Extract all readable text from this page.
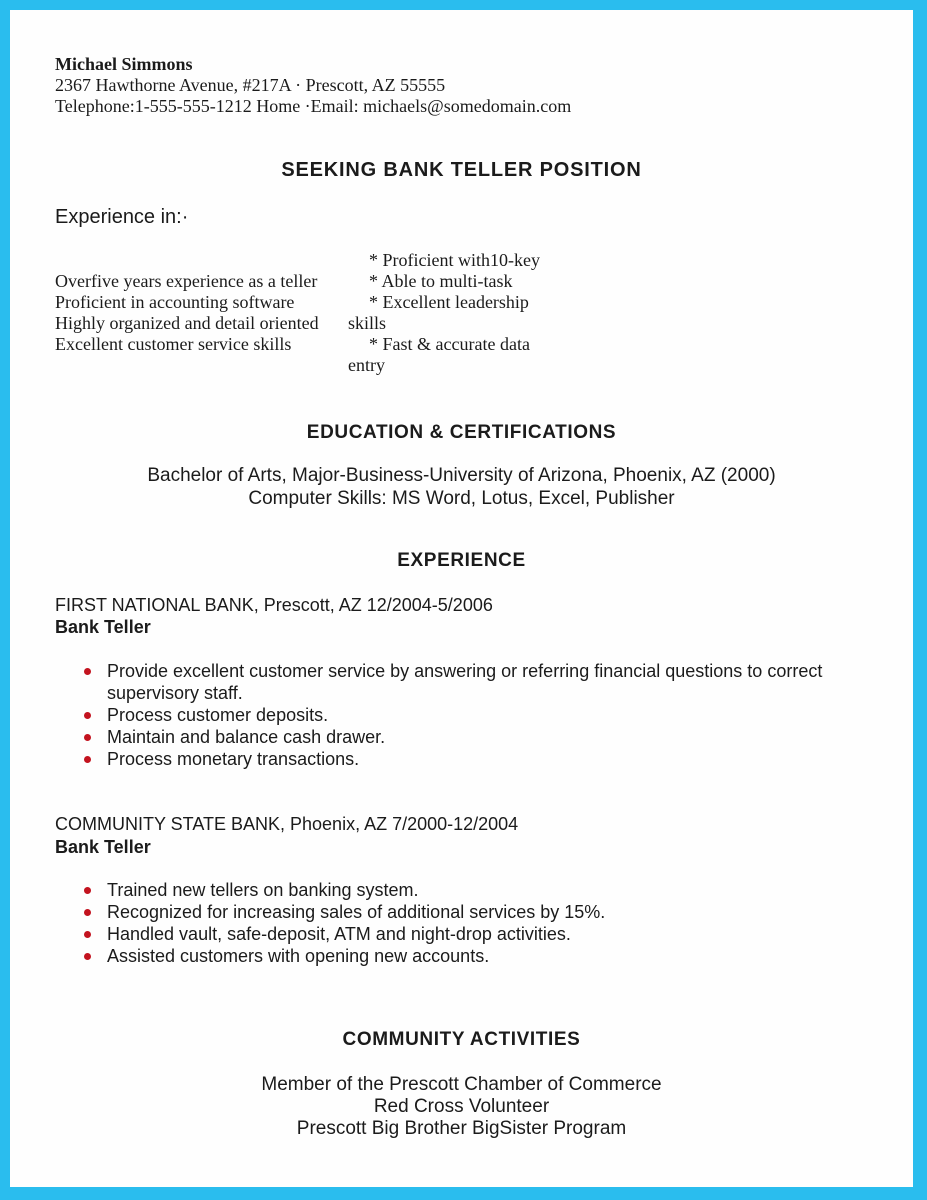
Michael Simmons
2367 Hawthorne Avenue, #217A · Prescott, AZ 55555
Telephone:1-555-555-1212 Home ·Email: michaels@somedomain.com
SEEKING BANK TELLER POSITION
Experience in:·
Overfive years experience as a teller
Proficient in accounting software
Highly organized and detail oriented
Excellent customer service skills

* Proficient with10-key

* Able to multi-task

* Excellent leadership skills

* Fast & accurate data entry

EDUCATION & CERTIFICATIONS
Bachelor of Arts, Major-Business-University of Arizona, Phoenix, AZ (2000)
Computer Skills: MS Word, Lotus, Excel, Publisher
EXPERIENCE
FIRST NATIONAL BANK, Prescott, AZ 12/2004-5/2006
Bank Teller
Provide excellent customer service by answering or referring financial questions to correct supervisory staff.
Process customer deposits.
Maintain and balance cash drawer.
Process monetary transactions.
COMMUNITY STATE BANK, Phoenix, AZ 7/2000-12/2004
Bank Teller
Trained new tellers on banking system.
Recognized for increasing sales of additional services by 15%.
Handled vault, safe-deposit, ATM and night-drop activities.
Assisted customers with opening new accounts.
COMMUNITY ACTIVITIES
Member of the Prescott Chamber of Commerce
Red Cross Volunteer
Prescott Big Brother BigSister Program
